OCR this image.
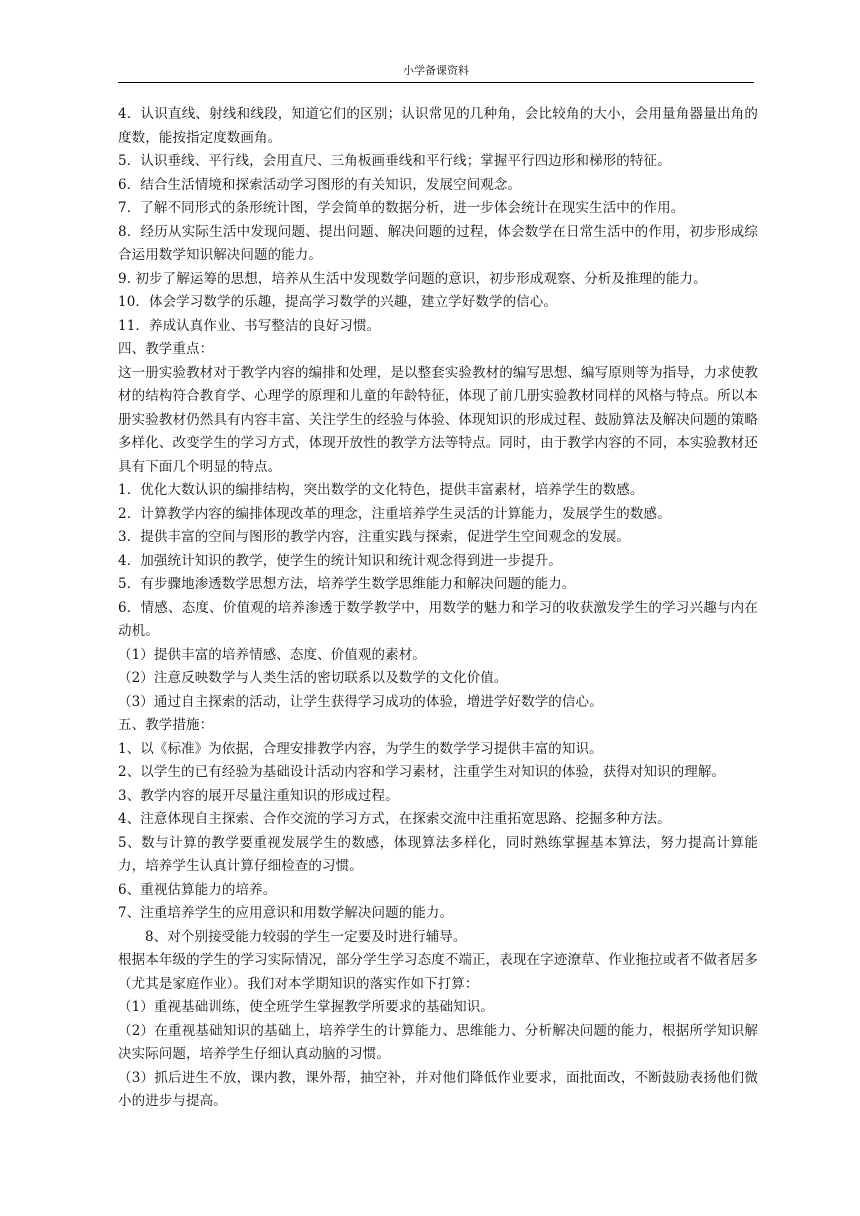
小学备课资料

4．认识直线、射线和线段，知道它们的区别；认识常见的几种角，会比较角的大小，会用量角器量出角的度数，能按指定度数画角。

5．认识垂线、平行线，会用直尺、三角板画垂线和平行线；掌握平行四边形和梯形的特征。

6．结合生活情境和探索活动学习图形的有关知识，发展空间观念。

7．了解不同形式的条形统计图，学会简单的数据分析，进一步体会统计在现实生活中的作用。

8．经历从实际生活中发现问题、提出问题、解决问题的过程，体会数学在日常生活中的作用，初步形成综合运用数学知识解决问题的能力。

9. 初步了解运筹的思想，培养从生活中发现数学问题的意识，初步形成观察、分析及推理的能力。

10．体会学习数学的乐趣，提高学习数学的兴趣，建立学好数学的信心。

11．养成认真作业、书写整洁的良好习惯。

四、教学重点：

这一册实验教材对于教学内容的编排和处理，是以整套实验教材的编写思想、编写原则等为指导，力求使教材的结构符合教育学、心理学的原理和儿童的年龄特征，体现了前几册实验教材同样的风格与特点。所以本册实验教材仍然具有内容丰富、关注学生的经验与体验、体现知识的形成过程、鼓励算法及解决问题的策略多样化、改变学生的学习方式，体现开放性的教学方法等特点。同时，由于教学内容的不同，本实验教材还具有下面几个明显的特点。

1．优化大数认识的编排结构，突出数学的文化特色，提供丰富素材，培养学生的数感。

2．计算教学内容的编排体现改革的理念，注重培养学生灵活的计算能力，发展学生的数感。

3．提供丰富的空间与图形的教学内容，注重实践与探索，促进学生空间观念的发展。

4．加强统计知识的教学，使学生的统计知识和统计观念得到进一步提升。

5．有步骤地渗透数学思想方法，培养学生数学思维能力和解决问题的能力。

6．情感、态度、价值观的培养渗透于数学教学中，用数学的魅力和学习的收获激发学生的学习兴趣与内在动机。

（1）提供丰富的培养情感、态度、价值观的素材。

（2）注意反映数学与人类生活的密切联系以及数学的文化价值。

（3）通过自主探索的活动，让学生获得学习成功的体验，增进学好数学的信心。

五、教学措施：

1、以《标准》为依据，合理安排教学内容，为学生的数学学习提供丰富的知识。

2、以学生的已有经验为基础设计活动内容和学习素材，注重学生对知识的体验，获得对知识的理解。

3、教学内容的展开尽量注重知识的形成过程。

4、注意体现自主探索、合作交流的学习方式，在探索交流中注重拓宽思路、挖掘多种方法。

5、数与计算的教学要重视发展学生的数感，体现算法多样化，同时熟练掌握基本算法，努力提高计算能力，培养学生认真计算仔细检查的习惯。

6、重视估算能力的培养。

7、注重培养学生的应用意识和用数学解决问题的能力。

8、对个别接受能力较弱的学生一定要及时进行辅导。

根据本年级的学生的学习实际情况，部分学生学习态度不端正，表现在字迹潦草、作业拖拉或者不做者居多（尤其是家庭作业）。我们对本学期知识的落实作如下打算：

（1）重视基础训练，使全班学生掌握教学所要求的基础知识。

（2）在重视基础知识的基础上，培养学生的计算能力、思维能力、分析解决问题的能力，根据所学知识解决实际问题，培养学生仔细认真动脑的习惯。

（3）抓后进生不放，课内教，课外帮，抽空补，并对他们降低作业要求，面批面改，不断鼓励表扬他们微小的进步与提高。
